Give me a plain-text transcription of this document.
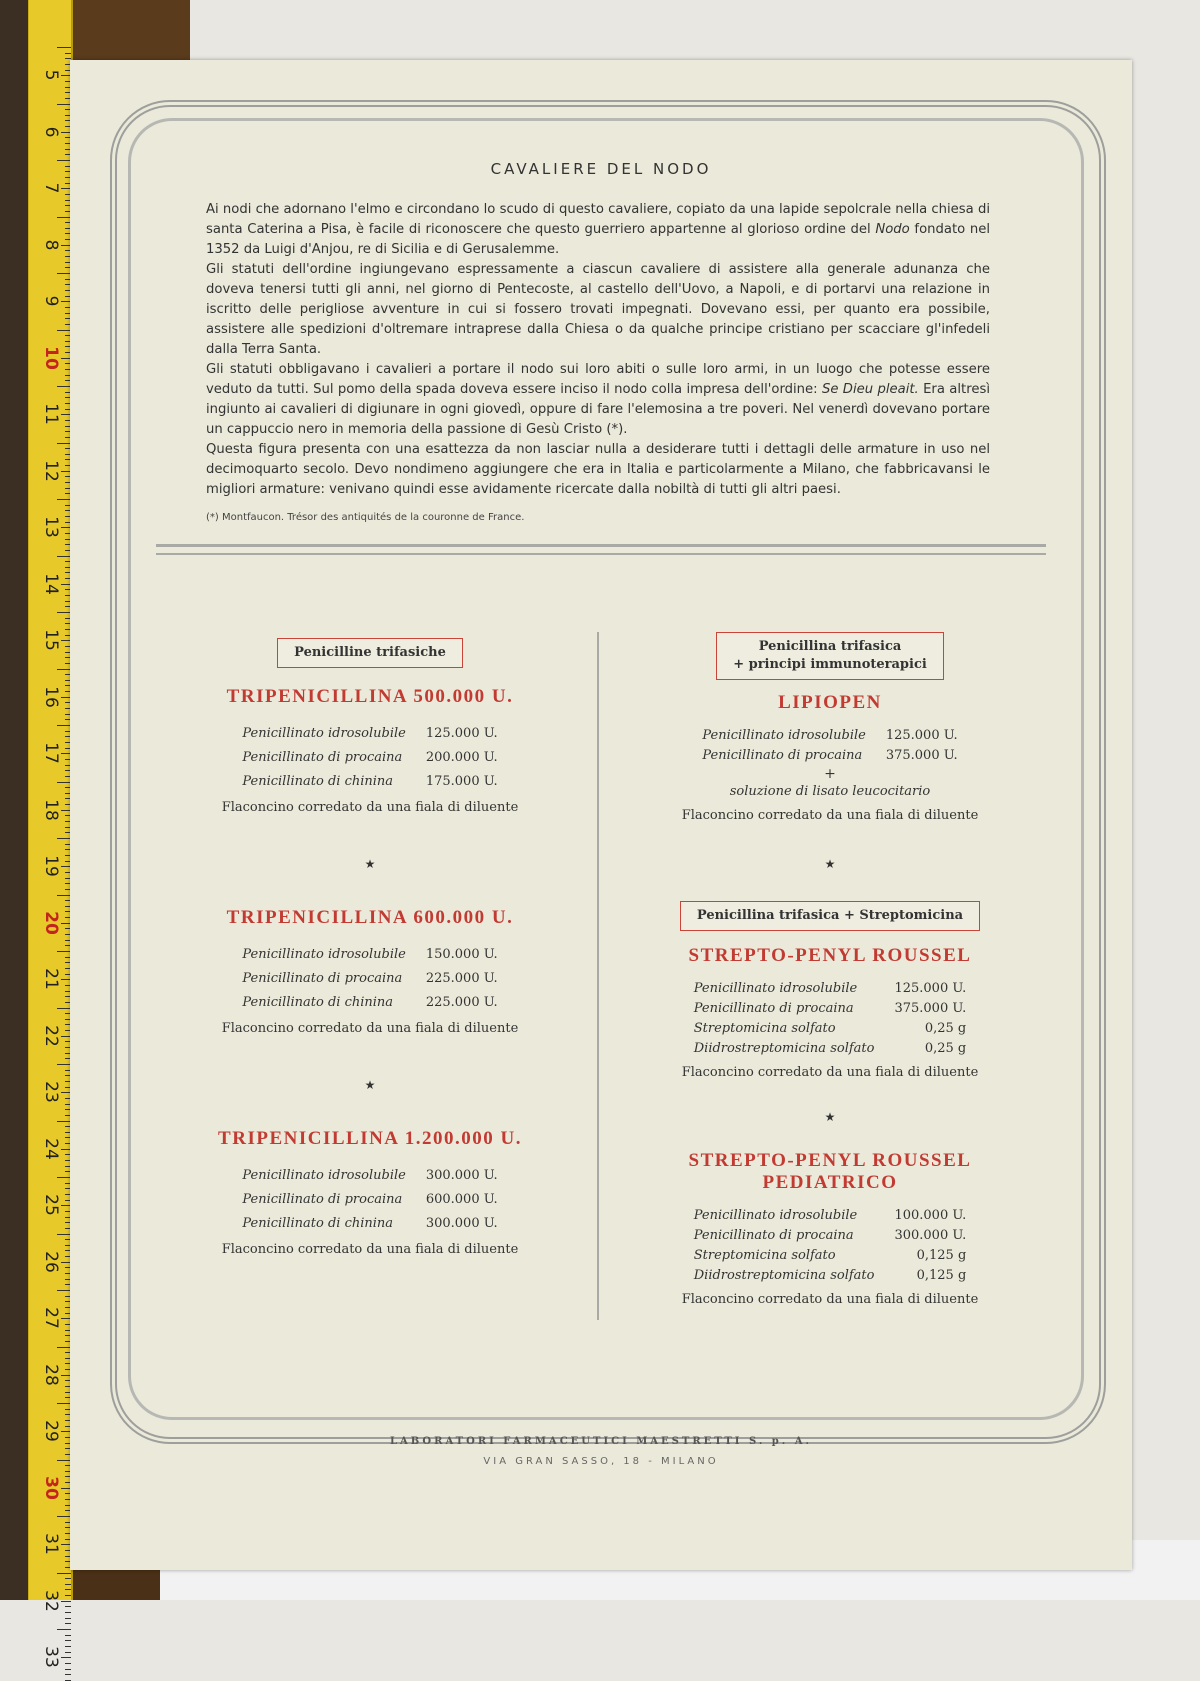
5
6
7
8
9
10
11
12
13
14
15
16
17
18
19
20
21
22
23
24
25
26
27
28
29
30
31
32
33
CAVALIERE DEL NODO

Ai nodi che adornano l'elmo e circondano lo scudo di questo cavaliere, copiato da una lapide sepolcrale nella chiesa di santa Caterina a Pisa, è facile di riconoscere che questo guerriero appartenne al glorioso ordine del Nodo fondato nel 1352 da Luigi d'Anjou, re di Sicilia e di Gerusalemme.

Gli statuti dell'ordine ingiungevano espressamente a ciascun cavaliere di assistere alla generale adunanza che doveva tenersi tutti gli anni, nel giorno di Pentecoste, al castello dell'Uovo, a Napoli, e di portarvi una relazione in iscritto delle perigliose avventure in cui si fossero trovati impegnati. Dovevano essi, per quanto era possibile, assistere alle spedizioni d'oltremare intraprese dalla Chiesa o da qualche principe cristiano per scacciare gl'infedeli dalla Terra Santa.

Gli statuti obbligavano i cavalieri a portare il nodo sui loro abiti o sulle loro armi, in un luogo che potesse essere veduto da tutti. Sul pomo della spada doveva essere inciso il nodo colla impresa dell'ordine: Se Dieu pleait. Era altresì ingiunto ai cavalieri di digiunare in ogni giovedì, oppure di fare l'elemosina a tre poveri. Nel venerdì dovevano portare un cappuccio nero in memoria della passione di Gesù Cristo (*).

Questa figura presenta con una esattezza da non lasciar nulla a desiderare tutti i dettagli delle armature in uso nel decimoquarto secolo. Devo nondimeno aggiungere che era in Italia e particolarmente a Milano, che fabbricavansi le migliori armature: venivano quindi esse avidamente ricercate dalla nobiltà di tutti gli altri paesi.

(*) Montfaucon. Trésor des antiquités de la couronne de France.
Penicilline trifasiche
TRIPENICILLINA 500.000 U.
Penicillinato idrosolubile 125.000 U.
Penicillinato di procaina 200.000 U.
Penicillinato di chinina	175.000 U.
Flaconcino corredato da una fiala di diluente
★
TRIPENICILLINA 600.000 U.
Penicillinato idrosolubile 150.000 U.
Penicillinato di procaina 225.000 U.
Penicillinato di chinina	225.000 U.
Flaconcino corredato da una fiala di diluente
★
TRIPENICILLINA 1.200.000 U.
Penicillinato idrosolubile 300.000 U.
Penicillinato di procaina 600.000 U.
Penicillinato di chinina	300.000 U.
Flaconcino corredato da una fiala di diluente
Penicillina trifasica
+ principi immunoterapici
LIPIOPEN
Penicillinato idrosolubile 125.000 U.
Penicillinato di procaina 375.000 U.
+
soluzione di lisato leucocitario
Flaconcino corredato da una fiala di diluente
★
Penicillina trifasica + Streptomicina
STREPTO-PENYL ROUSSEL
Penicillinato idrosolubile	125.000 U.
Penicillinato di procaina	375.000 U.
Streptomicina solfato	0,25 g
Diidrostreptomicina solfato	0,25 g
Flaconcino corredato da una fiala di diluente
★
STREPTO-PENYL ROUSSEL PEDIATRICO
Penicillinato idrosolubile	100.000 U.
Penicillinato di procaina	300.000 U.
Streptomicina solfato	0,125 g
Diidrostreptomicina solfato	0,125 g
Flaconcino corredato da una fiala di diluente
LABORATORI FARMACEUTICI MAESTRETTI S. p. A.
VIA GRAN SASSO, 18 - MILANO
